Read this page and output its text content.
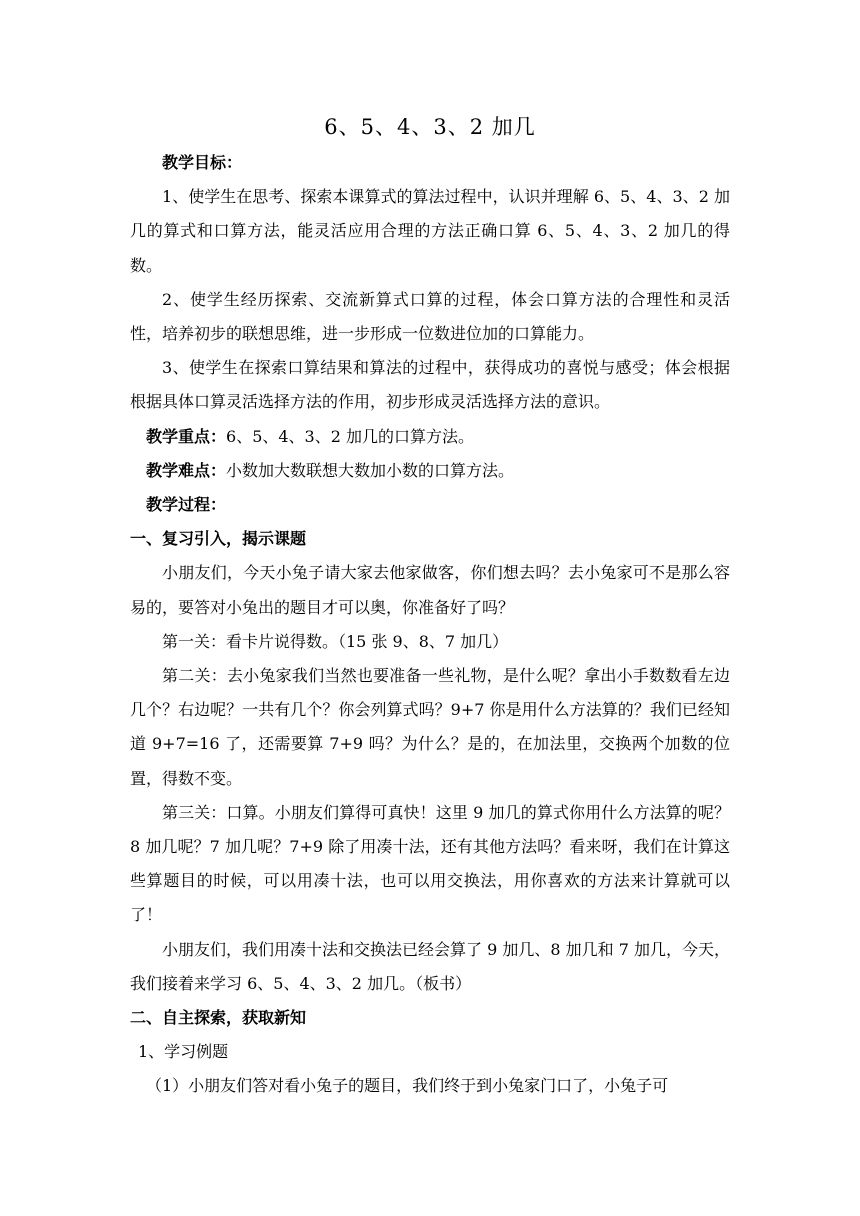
6、5、4、3、2 加几

教学目标：

1、使学生在思考、探索本课算式的算法过程中，认识并理解 6、5、4、3、2 加几的算式和口算方法，能灵活应用合理的方法正确口算 6、5、4、3、2 加几的得数。

2、使学生经历探索、交流新算式口算的过程，体会口算方法的合理性和灵活性，培养初步的联想思维，进一步形成一位数进位加的口算能力。

3、使学生在探索口算结果和算法的过程中，获得成功的喜悦与感受；体会根据根据具体口算灵活选择方法的作用，初步形成灵活选择方法的意识。

教学重点：6、5、4、3、2 加几的口算方法。

教学难点：小数加大数联想大数加小数的口算方法。

教学过程：

一、复习引入，揭示课题

小朋友们，今天小兔子请大家去他家做客，你们想去吗？去小兔家可不是那么容易的，要答对小兔出的题目才可以奥，你准备好了吗？

第一关：看卡片说得数。（15 张 9、8、7 加几）

第二关：去小兔家我们当然也要准备一些礼物，是什么呢？拿出小手数数看左边几个？右边呢？一共有几个？你会列算式吗？9+7 你是用什么方法算的？我们已经知道 9+7=16 了，还需要算 7+9 吗？为什么？是的，在加法里，交换两个加数的位置，得数不变。

第三关：口算。小朋友们算得可真快！这里 9 加几的算式你用什么方法算的呢？8 加几呢？7 加几呢？7+9 除了用凑十法，还有其他方法吗？看来呀，我们在计算这些算题目的时候，可以用凑十法，也可以用交换法，用你喜欢的方法来计算就可以了！

小朋友们，我们用凑十法和交换法已经会算了 9 加几、8 加几和 7 加几，今天，我们接着来学习 6、5、4、3、2 加几。（板书）

二、自主探索，获取新知

1、学习例题

（1）小朋友们答对看小兔子的题目，我们终于到小兔家门口了，小兔子可
